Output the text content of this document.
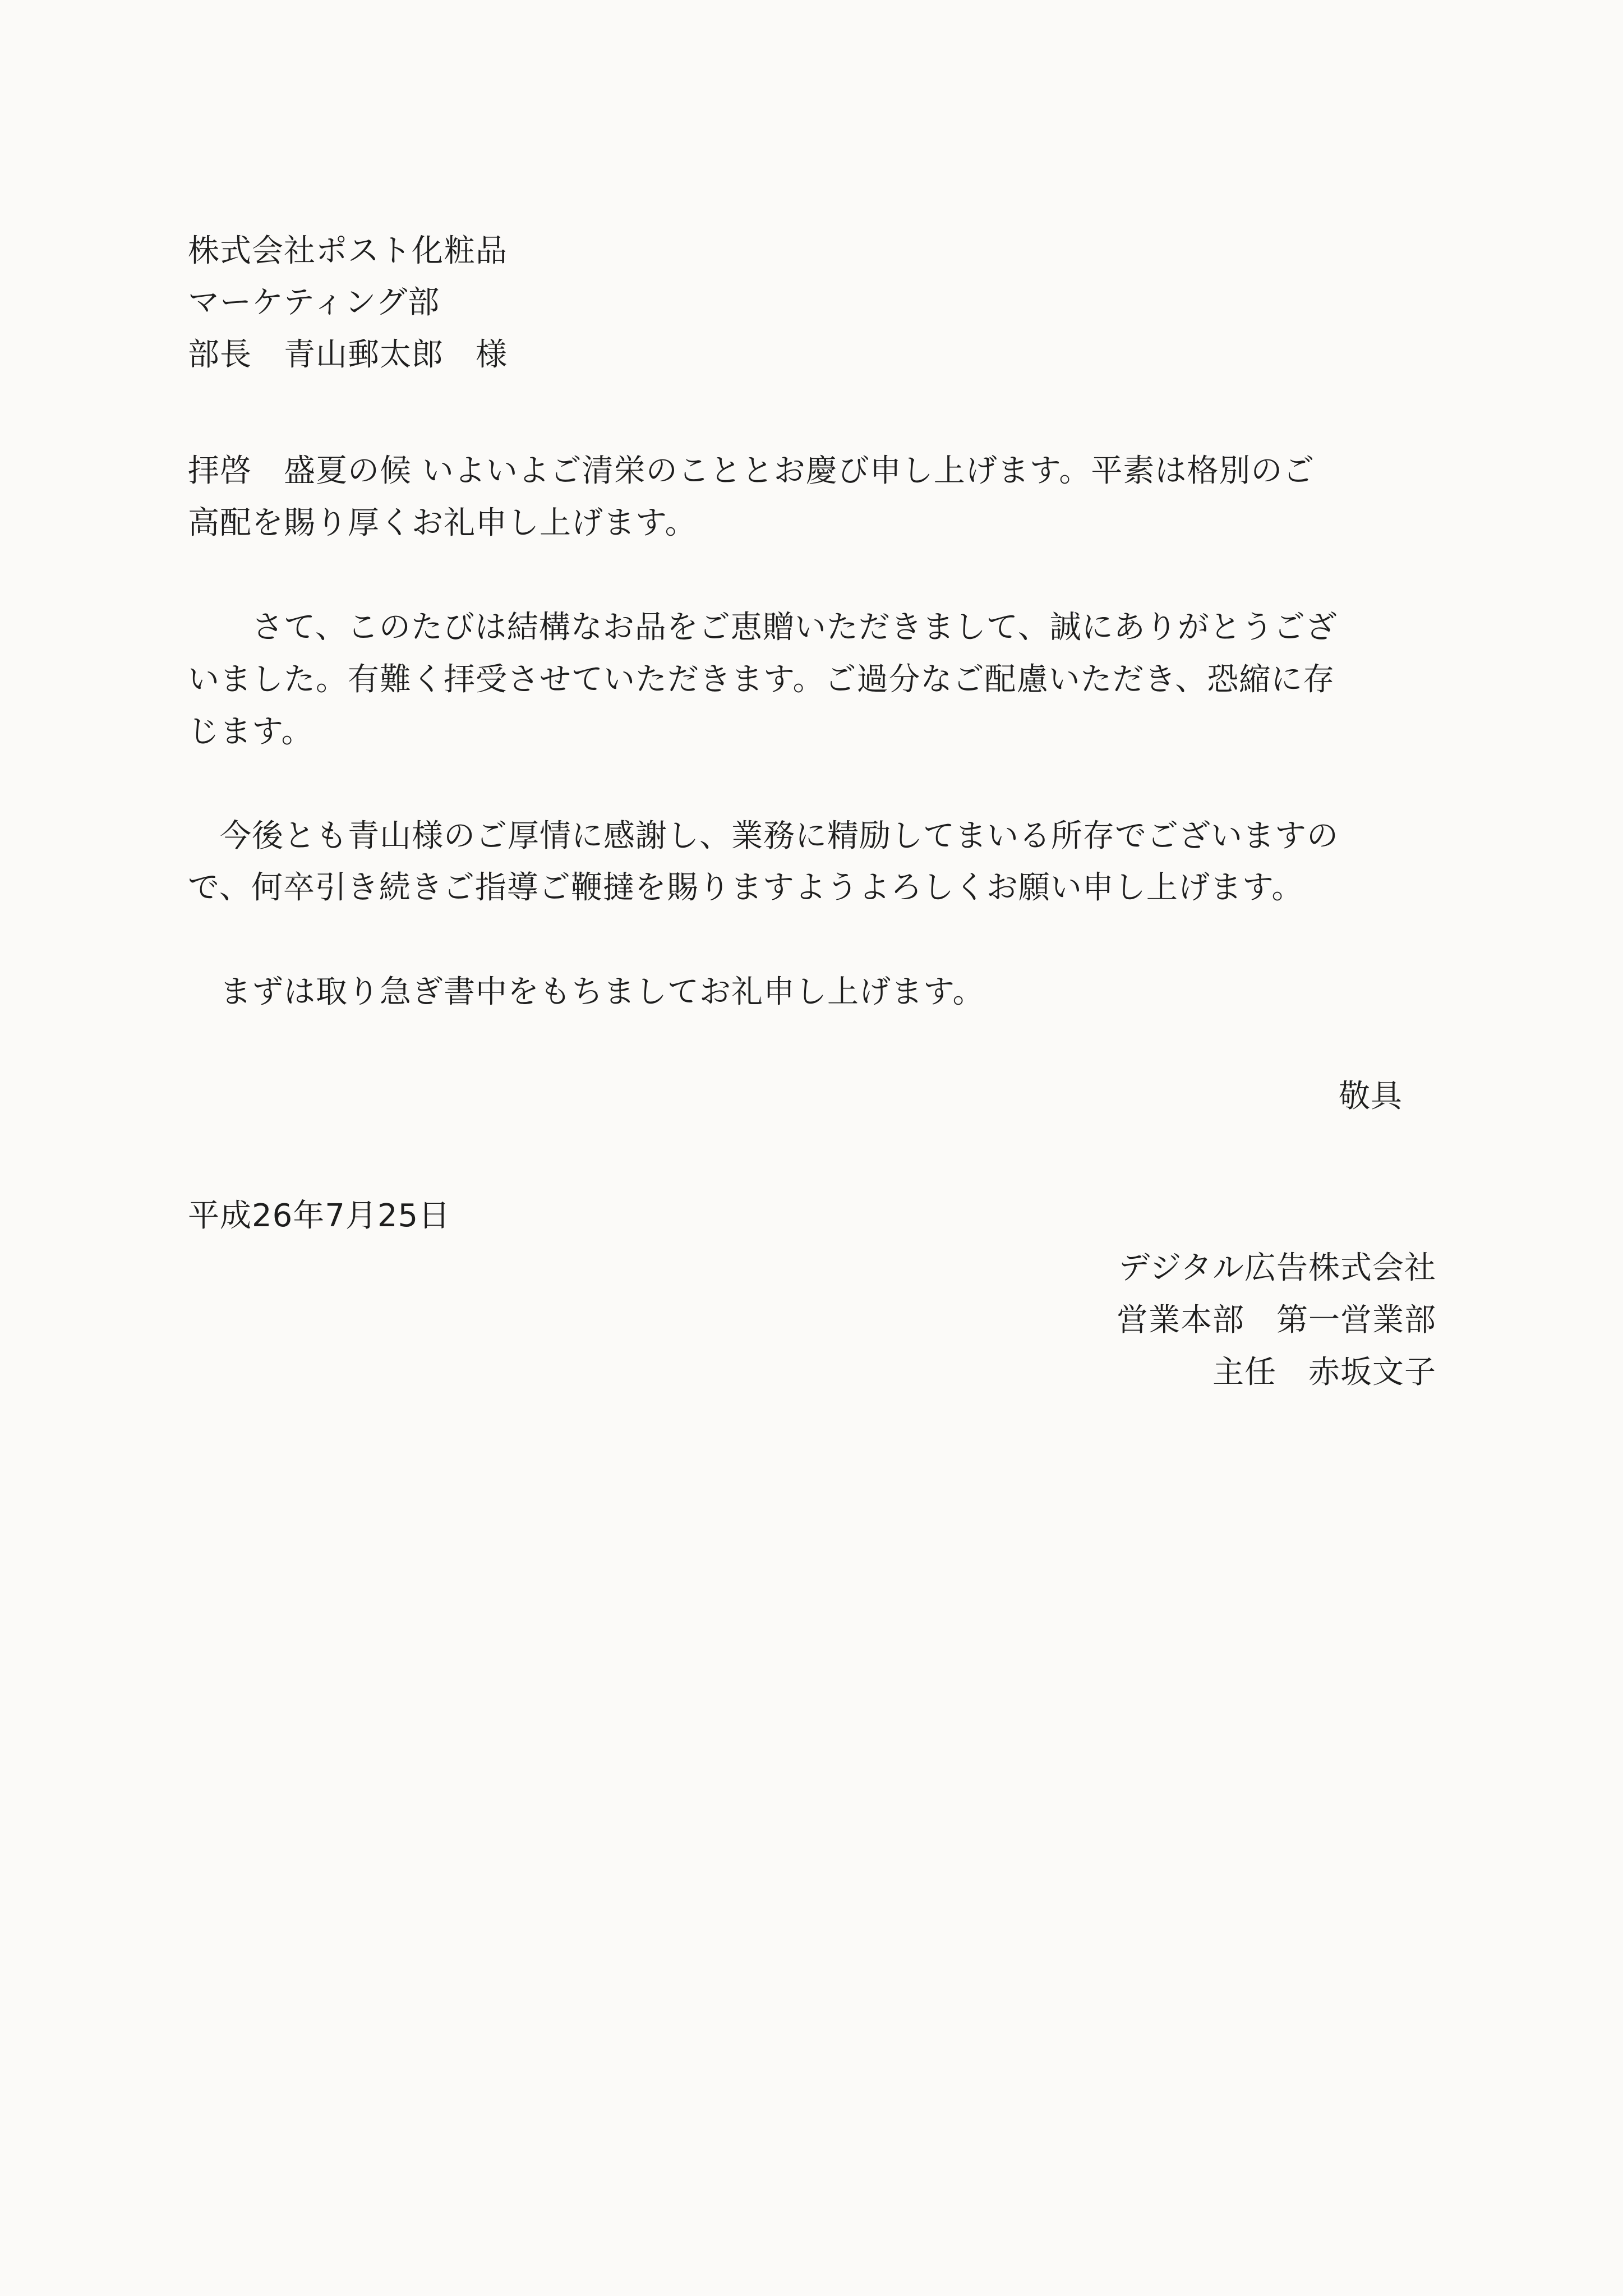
株式会社ポスト化粧品
マーケティング部
部長　青山郵太郎　様
拝啓　盛夏の候 いよいよご清栄のこととお慶び申し上げます。平素は格別のご
高配を賜り厚くお礼申し上げます。
　　さて、このたびは結構なお品をご恵贈いただきまして、誠にありがとうござ
いました。有難く拝受させていただきます。ご過分なご配慮いただき、恐縮に存
じます。
　今後とも青山様のご厚情に感謝し、業務に精励してまいる所存でございますの
で、何卒引き続きご指導ご鞭撻を賜りますようよろしくお願い申し上げます。
　まずは取り急ぎ書中をもちましてお礼申し上げます。
敬具
平成26年7月25日
デジタル広告株式会社
営業本部　第一営業部
主任　赤坂文子
